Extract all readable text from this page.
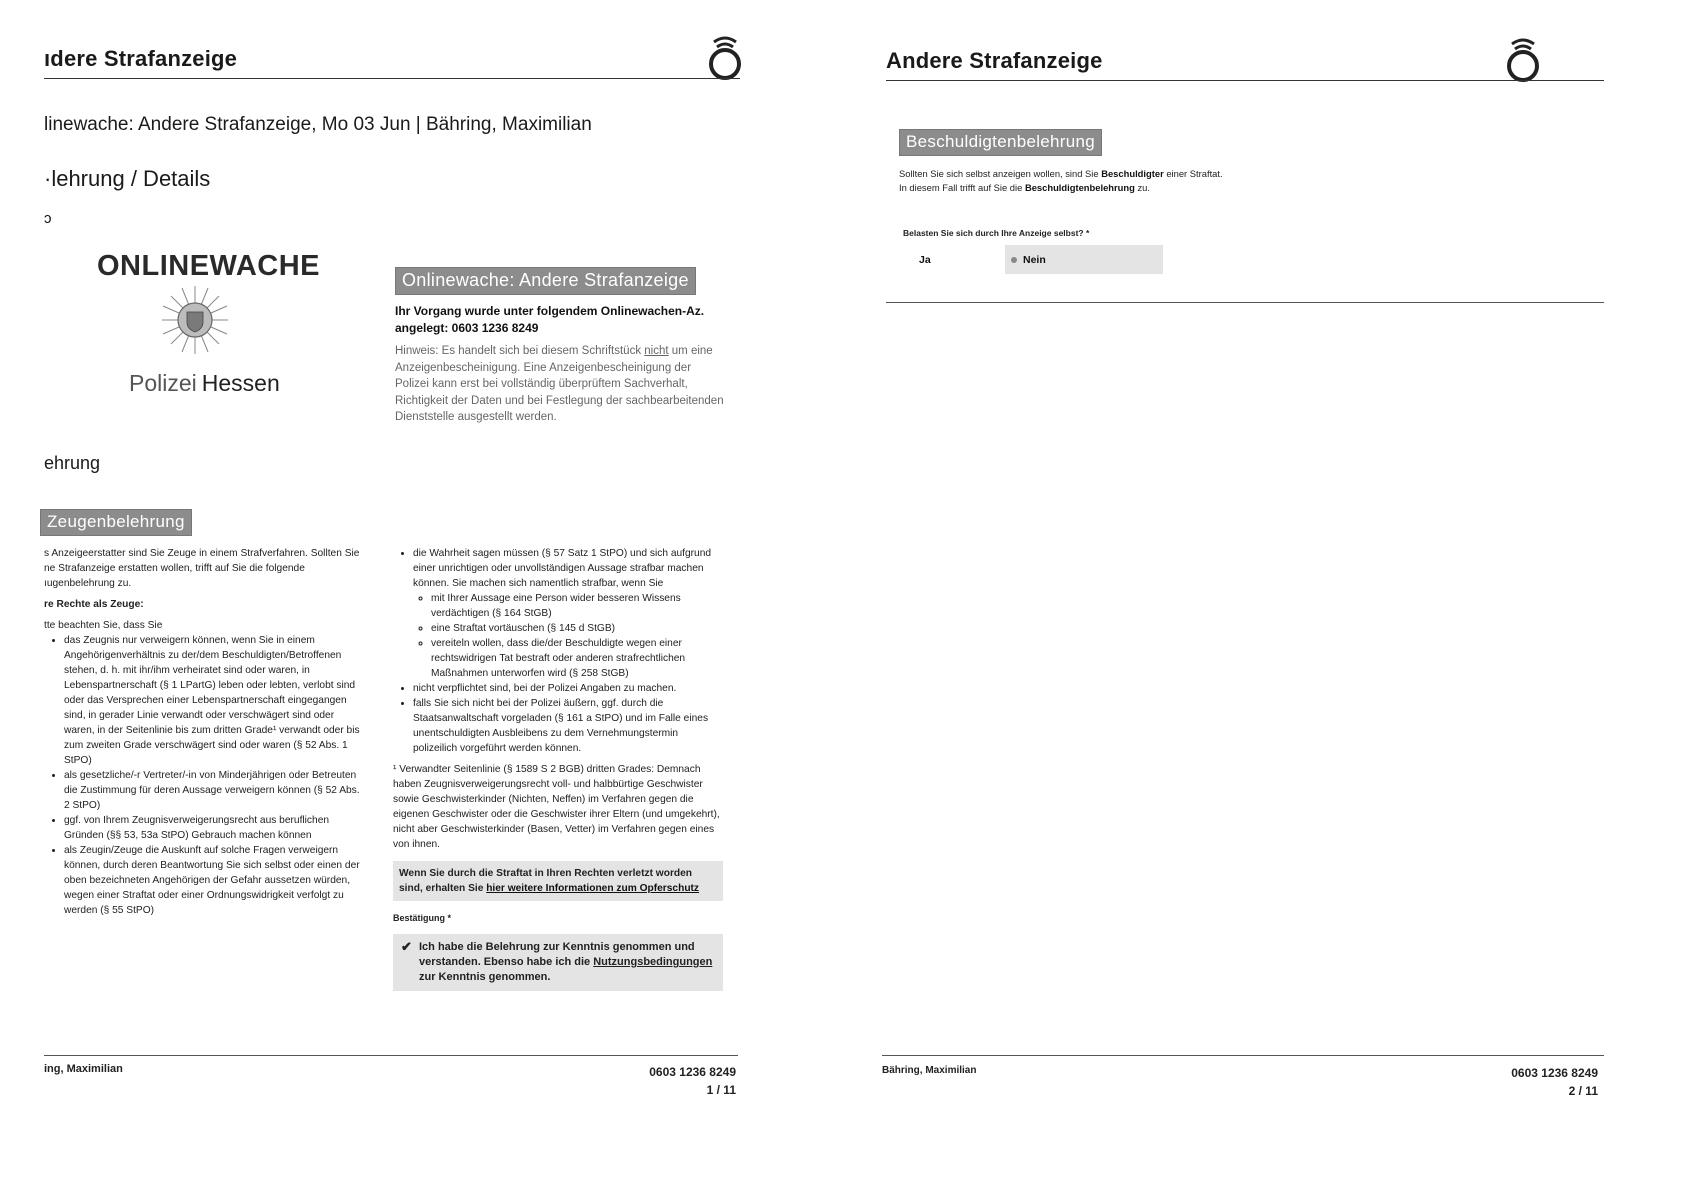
ıdere Strafanzeige
linewache: Andere Strafanzeige, Mo 03 Jun | Bähring, Maximilian
·lehrung / Details
ɔ
ONLINEWACHE
Polizei Hessen
Onlinewache: Andere Strafanzeige
Ihr Vorgang wurde unter folgendem Onlinewachen-Az.
angelegt: 0603 1236 8249
Hinweis: Es handelt sich bei diesem Schriftstück nicht um eine Anzeigenbescheinigung. Eine Anzeigenbescheinigung der Polizei kann erst bei vollständig überprüftem Sachverhalt, Richtigkeit der Daten und bei Festlegung der sachbearbeitenden Dienststelle ausgestellt werden.
ehrung
Zeugenbelehrung
s Anzeigeerstatter sind Sie Zeuge in einem Strafverfahren. Sollten Sie ne Strafanzeige erstatten wollen, trifft auf Sie die folgende ıugenbelehrung zu.
re Rechte als Zeuge:
tte beachten Sie, dass Sie
• das Zeugnis nur verweigern können, wenn Sie in einem Angehörigenverhältnis zu der/dem Beschuldigten/Betroffenen stehen, d. h. mit ihr/ihm verheiratet sind oder waren, in Lebenspartnerschaft (§ 1 LPartG) leben oder lebten, verlobt sind oder das Versprechen einer Lebenspartnerschaft eingegangen sind, in gerader Linie verwandt oder verschwägert sind oder waren, in der Seitenlinie bis zum dritten Grade¹ verwandt oder bis zum zweiten Grade verschwägert sind oder waren (§ 52 Abs. 1 StPO)
• als gesetzliche/-r Vertreter/-in von Minderjährigen oder Betreuten die Zustimmung für deren Aussage verweigern können (§ 52 Abs. 2 StPO)
• ggf. von Ihrem Zeugnisverweigerungsrecht aus beruflichen Gründen (§§ 53, 53a StPO) Gebrauch machen können
• als Zeugin/Zeuge die Auskunft auf solche Fragen verweigern können, durch deren Beantwortung Sie sich selbst oder einen der oben bezeichneten Angehörigen der Gefahr aussetzen würden, wegen einer Straftat oder einer Ordnungswidrigkeit verfolgt zu werden (§ 55 StPO)
• die Wahrheit sagen müssen (§ 57 Satz 1 StPO) und sich aufgrund einer unrichtigen oder unvollständigen Aussage strafbar machen können. Sie machen sich namentlich strafbar, wenn Sie
◦ mit Ihrer Aussage eine Person wider besseren Wissens verdächtigen (§ 164 StGB)
◦ eine Straftat vortäuschen (§ 145 d StGB)
◦ vereiteln wollen, dass die/der Beschuldigte wegen einer rechtswidrigen Tat bestraft oder anderen strafrechtlichen Maßnahmen unterworfen wird (§ 258 StGB)
• nicht verpflichtet sind, bei der Polizei Angaben zu machen.
• falls Sie sich nicht bei der Polizei äußern, ggf. durch die Staatsanwaltschaft vorgeladen (§ 161 a StPO) und im Falle eines unentschuldigten Ausbleibens zu dem Vernehmungstermin polizeilich vorgeführt werden können.
¹ Verwandter Seitenlinie (§ 1589 S 2 BGB) dritten Grades: Demnach haben Zeugnisverweigerungsrecht voll- und halbbürtige Geschwister sowie Geschwisterkinder (Nichten, Neffen) im Verfahren gegen die eigenen Geschwister oder die Geschwister ihrer Eltern (und umgekehrt), nicht aber Geschwisterkinder (Basen, Vetter) im Verfahren gegen eines von ihnen.
Wenn Sie durch die Straftat in Ihren Rechten verletzt worden sind, erhalten Sie hier weitere Informationen zum Opferschutz
Bestätigung *
✔ Ich habe die Belehrung zur Kenntnis genommen und verstanden. Ebenso habe ich die Nutzungsbedingungen zur Kenntnis genommen.
ing, Maximilian	0603 1236 8249
1 / 11
Andere Strafanzeige
Beschuldigtenbelehrung
Sollten Sie sich selbst anzeigen wollen, sind Sie Beschuldigter einer Straftat. In diesem Fall trifft auf Sie die Beschuldigtenbelehrung zu.
Belasten Sie sich durch Ihre Anzeige selbst? *
Ja	Nein
Bähring, Maximilian	0603 1236 8249
2 / 11
